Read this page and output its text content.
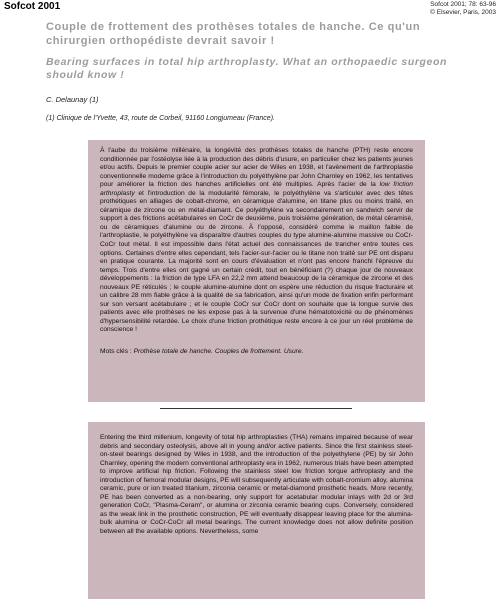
Sofcot 2001	Sofcot 2001; 78: 63-96
© Elsevier, Paris, 2003
Couple de frottement des prothèses totales de hanche. Ce qu'un chirurgien orthopédiste devrait savoir !
Bearing surfaces in total hip arthroplasty. What an orthopaedic surgeon should know !
C. Delaunay (1)
(1) Clinique de l'Yvette, 43, route de Corbeil, 91160 Longjumeau (France).

À l'aube du troisième millénaire, la longévité des prothèses totales de hanche (PTH) reste encore conditionnée par l'ostéolyse liée à la production des débris d'usure, en particulier chez les patients jeunes et/ou actifs. Depuis le premier couple acier sur acier de Wiles en 1938, et l'avènement de l'arthroplastie conventionnelle moderne grâce à l'introduction du polyéthylène par John Charnley en 1962, les tentatives pour améliorer la friction des hanches artificielles ont été multiples. Après l'acier de la low friction arthroplasty et l'introduction de la modularité fémorale, le polyéthylène va s'articuler avec des têtes prothétiques en alliages de cobalt-chrome, en céramique d'alumine, en titane plus ou moins traité, en céramique de zircone ou en métal-diamant. Ce polyéthylène va secondairement en sandwich servir de support à des frictions acétabulaires en CoCr de deuxième, puis troisième génération, de métal céramisé, ou de céramiques d'alumine ou de zircone. À l'opposé, considéré comme le maillon faible de l'arthroplastie, le polyéthylène va disparaître d'autres couples du type alumine-alumine massive ou CoCr-CoCr tout métal. Il est impossible dans l'état actuel des connaissances de trancher entre toutes ces options. Certaines d'entre elles cependant, tels l'acier-sur-l'acier ou le titane non traité sur PE ont disparu en pratique courante. La majorité sont en cours d'évaluation et n'ont pas encore franchi l'épreuve du temps. Trois d'entre elles ont gagné un certain crédit, tout en bénéficiant (?) chaque jour de nouveaux développements : la friction de type LFA en 22,2 mm attend beaucoup de la céramique de zircone et des nouveaux PE réticulés ; le couple alumine-alumine dont on espère une réduction du risque fracturaire et un calibre 28 mm fiable grâce à la qualité de sa fabrication, ainsi qu'un mode de fixation enfin performant sur son versant acétabulaire ; et le couple CoCr sur CoCr dont on souhaite que la longue survie des patients avec elle prothèses ne les expose pas à la survenue d'une hématotoxicité ou de phénomènes d'hypersensibilité retardée. Le choix d'une friction prothétique reste encore à ce jour un réel problème de conscience !

Mots clés : Prothèse totale de hanche. Couples de frottement. Usure.

Entering the third millenium, longevity of total hip arthroplasties (THA) remains impaired because of wear debris and secondary osteolysis, above all in young and/or active patients. Since the first stainless steel-on-steel bearings designed by Wiles in 1938, and the introduction of the polyethylene (PE) by sir John Charnley, opening the modern conventional arthroplasty era in 1962, numerous trials have been attempted to improve artificial hip friction. Following the stainless steel low friction torque arthroplasty and the introduction of femoral modular designs, PE will subsequently articulate with cobalt-cromium alloy, alumina ceramic, pure or ion treated titanium, zirconia ceramic or metal-diamond prosthetic heads. More recently, PE has been converted as a non-bearing, only support for acetabular modular inlays with 2d or 3rd generation CoCr, "Plasma-Ceram", or alumina or zirconia ceramic bearing cups. Conversely, considered as the weak link in the prosthetic construction, PE will eventually disappear leaving place for the alumina-bulk alumina or CoCr-CoCr all metal bearings. The current knowledge does not allow definite position between all the available options. Nevertheless, some
